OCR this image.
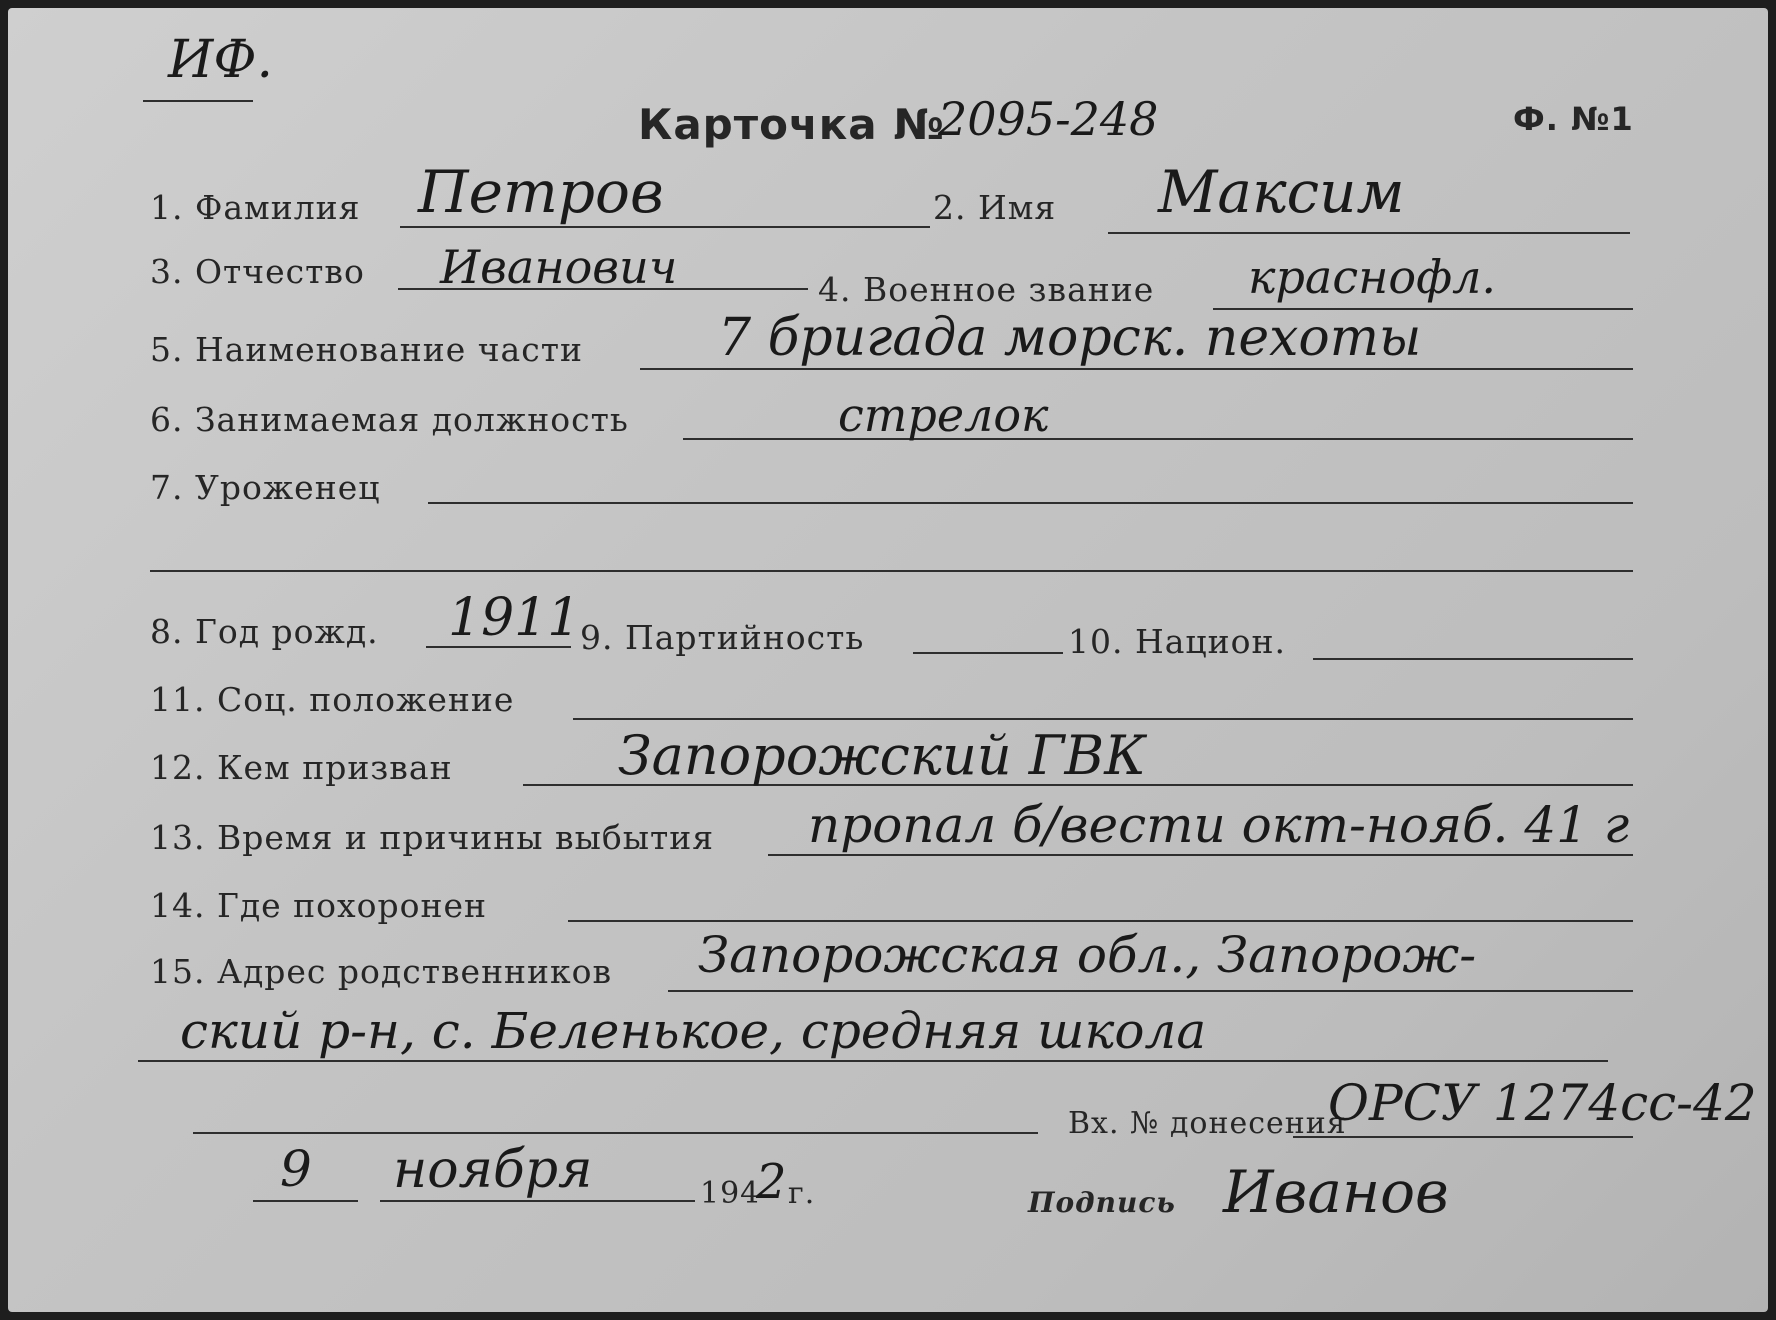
ИФ.
Карточка №
2095-248	Ф. №1
1. Фамилия Петров	2. Имя Максим
3. Отчество Иванович	4. Военное звание краснофл.
5. Наименование части	7 бригада морск. пехоты
6. Занимаемая должность	стрелок
7. Уроженец
8. Год рожд. 1911 9. Партийность	10. Национ.
11. Соц. положение
12. Кем призван	Запорожский ГВК
13. Время и причины выбытия пропал б/вести окт-нояб. 41 г
14. Где похоронен
15. Адрес родственников Запорожская обл., Запорож-
ский р-н, с. Беленькое, средняя школа
Вх. № донесения
ОРСУ 1274сс-42
9 ноября	194
2 г.	Подпись Иванов
